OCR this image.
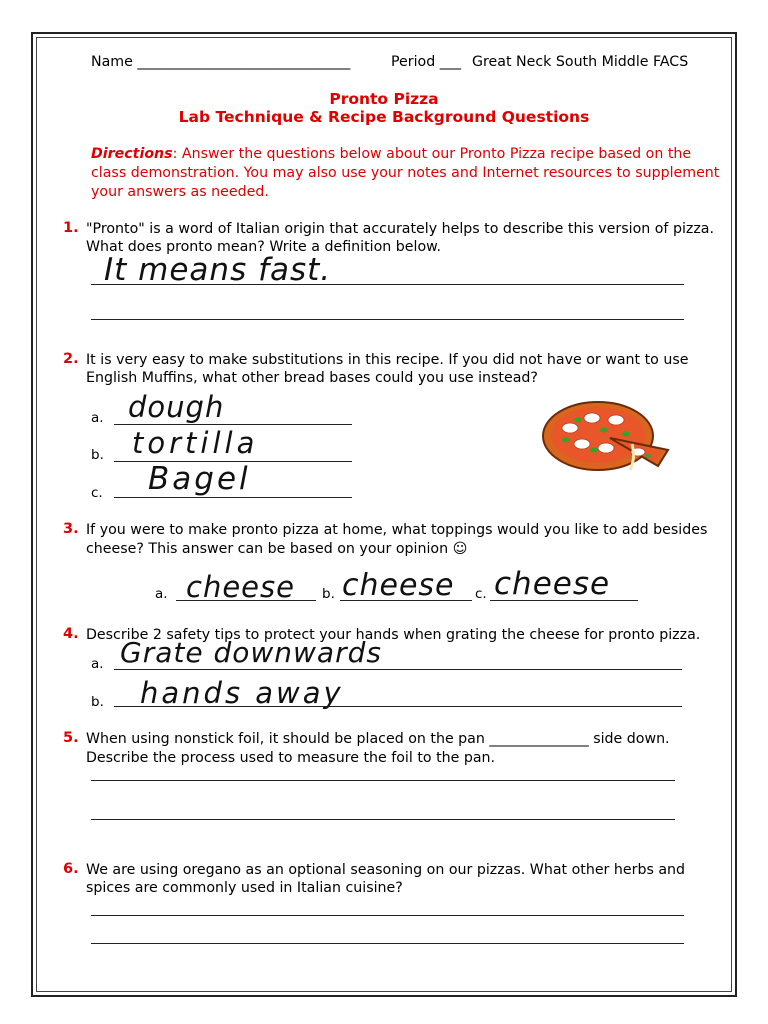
Name ______________________________	Period ___ Great Neck South Middle FACS
Pronto Pizza
Lab Technique & Recipe Background Questions
Directions: Answer the questions below about our Pronto Pizza recipe based on the
class demonstration. You may also use your notes and Internet resources to supplement
your answers as needed.
1. "Pronto" is a word of Italian origin that accurately helps to describe this version of pizza.
What does pronto mean? Write a definition below.
It means fast.
2. It is very easy to make substitutions in this recipe. If you did not have or want to use
English Muffins, what other bread bases could you use instead?
a. dough
b. tortilla
c. Bagel
3. If you were to make pronto pizza at home, what toppings would you like to add besides
cheese? This answer can be based on your opinion ☺
a. cheese b. cheese c. cheese
4. Describe 2 safety tips to protect your hands when grating the cheese for pronto pizza.
a. Grate downwards
b. hands away
5. When using nonstick foil, it should be placed on the pan ______________ side down.
Describe the process used to measure the foil to the pan.
6. We are using oregano as an optional seasoning on our pizzas. What other herbs and
spices are commonly used in Italian cuisine?
